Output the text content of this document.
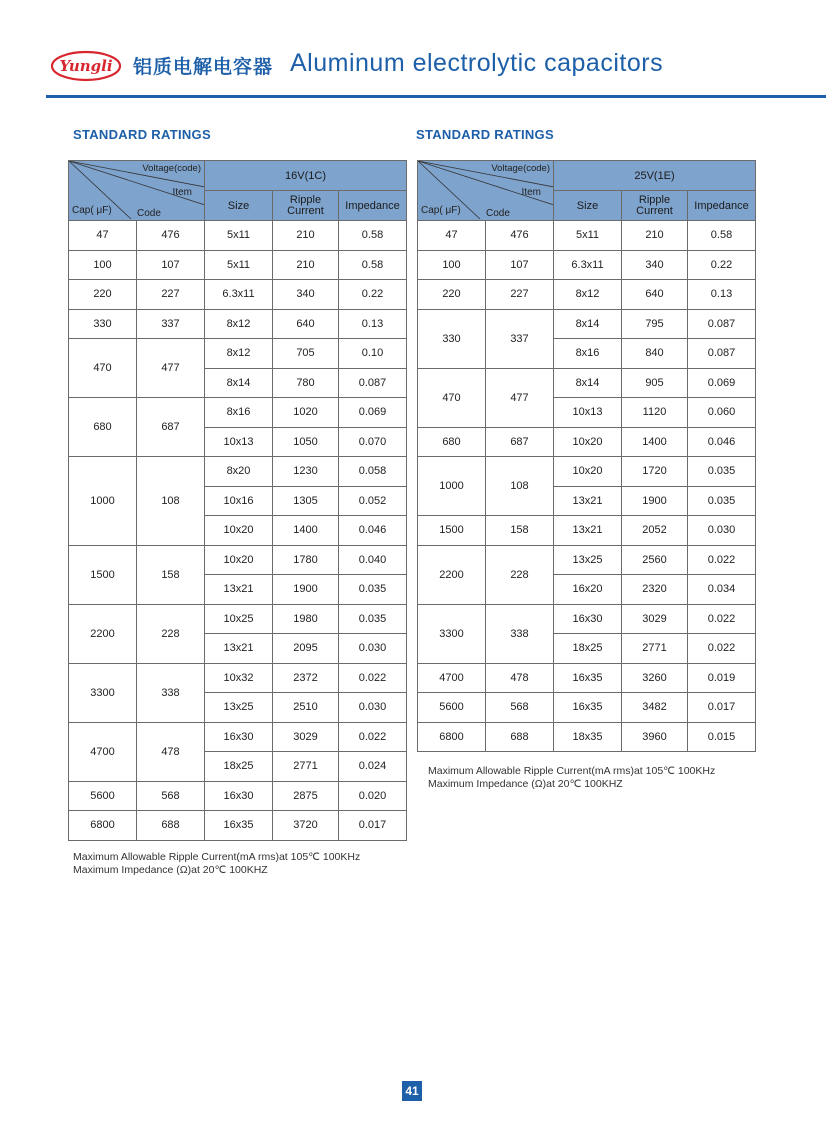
Yungli 铝质电解电容器 Aluminum electrolytic capacitors
STANDARD RATINGS	STANDARD RATINGS
Voltage(code)
Item
Cap( μF) Code		16V(1C)		
		Size	Ripple
Current	Impedance
47	476	5x11	210	0.58
100	107	5x11	210	0.58
220	227	6.3x11	340	0.22
330	337	8x12	640	0.13
470	477	8x12	705	0.10
		8x14	780	0.087
680	687	8x16	1020	0.069
		10x13	1050	0.070
1000	108	8x20	1230	0.058
		10x16	1305	0.052
		10x20	1400	0.046
1500	158	10x20	1780	0.040
		13x21	1900	0.035
2200	228	10x25	1980	0.035
		13x21	2095	0.030
3300	338	10x32	2372	0.022
		13x25	2510	0.030
4700	478	16x30	3029	0.022
		18x25	2771	0.024
5600	568	16x30	2875	0.020
6800	688	16x35	3720	0.017
Voltage(code)
Item
Cap( μF) Code		25V(1E)		
		Size	Ripple
Current	Impedance
47	476	5x11	210	0.58
100	107	6.3x11	340	0.22
220	227	8x12	640	0.13
330	337	8x14	795	0.087
		8x16	840	0.087
470	477	8x14	905	0.069
		10x13	1120	0.060
680	687	10x20	1400	0.046
1000	108	10x20	1720	0.035
		13x21	1900	0.035
1500	158	13x21	2052	0.030
2200	228	13x25	2560	0.022
		16x20	2320	0.034
3300	338	16x30	3029	0.022
		18x25	2771	0.022
4700	478	16x35	3260	0.019
5600	568	16x35	3482	0.017
6800	688	18x35	3960	0.015
Maximum Allowable Ripple Current(mA rms)at 105℃ 100KHz
Maximum Impedance (Ω)at 20℃ 100KHZ
Maximum Allowable Ripple Current(mA rms)at 105℃ 100KHz
Maximum Impedance (Ω)at 20℃ 100KHZ
41
